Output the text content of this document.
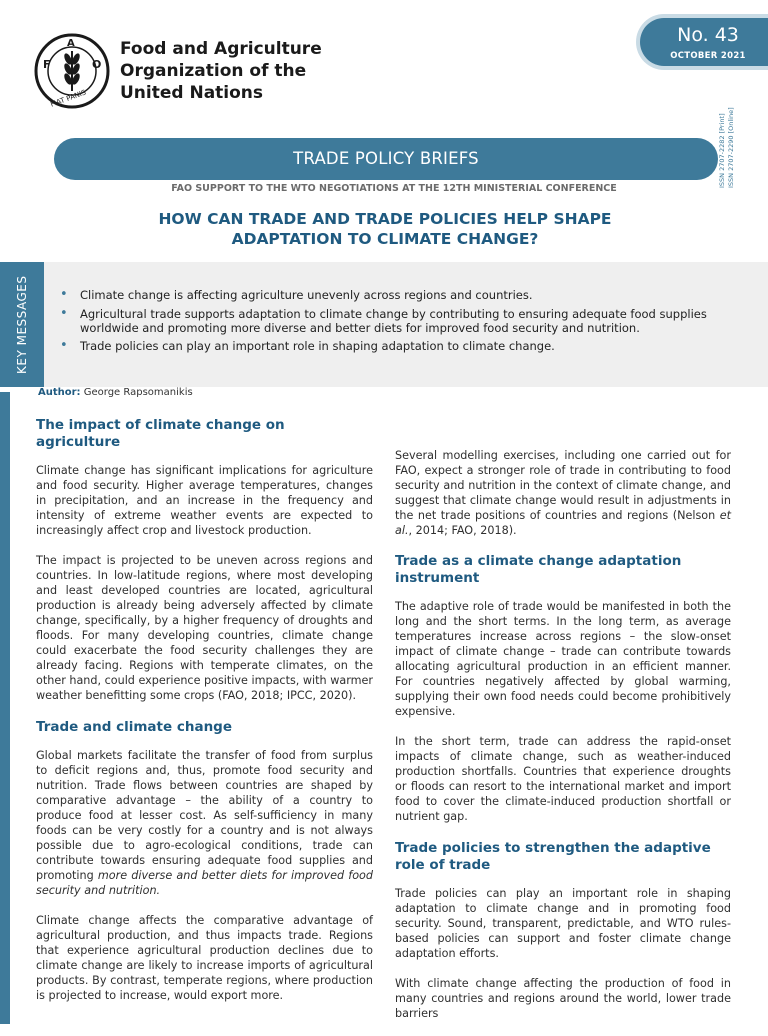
F
A
O
FIAT PANIS
Food and Agriculture
Organization of the
United Nations
No. 43
OCTOBER 2021
ISSN 2707-2282 [Print] ISSN 2707-2290 [Online]
TRADE POLICY BRIEFS
FAO SUPPORT TO THE WTO NEGOTIATIONS AT THE 12TH MINISTERIAL CONFERENCE
HOW CAN TRADE AND TRADE POLICIES HELP SHAPE
ADAPTATION TO CLIMATE CHANGE?
KEY MESSAGES
•	Climate change is affecting agriculture unevenly across regions and countries.
• Agricultural trade supports adaptation to climate change by contributing to ensuring adequate food supplies worldwide and promoting more diverse and better diets for improved food security and nutrition.
• Trade policies can play an important role in shaping adaptation to climate change.
Author: George Rapsomanikis
The impact of climate change on agriculture

Climate change has significant implications for agriculture and food security. Higher average temperatures, changes in precipitation, and an increase in the frequency and intensity of extreme weather events are expected to increasingly affect crop and livestock production.

The impact is projected to be uneven across regions and countries. In low-latitude regions, where most developing and least developed countries are located, agricultural production is already being adversely affected by climate change, specifically, by a higher frequency of droughts and floods. For many developing countries, climate change could exacerbate the food security challenges they are already facing. Regions with temperate climates, on the other hand, could experience positive impacts, with warmer weather benefitting some crops (FAO, 2018; IPCC, 2020).

Trade and climate change

Global markets facilitate the transfer of food from surplus to deficit regions and, thus, promote food security and nutrition. Trade flows between countries are shaped by comparative advantage – the ability of a country to produce food at lesser cost. As self-sufficiency in many foods can be very costly for a country and is not always possible due to agro-ecological conditions, trade can contribute towards ensuring adequate food supplies and promoting more diverse and better diets for improved food security and nutrition.

Climate change affects the comparative advantage of agricultural production, and thus impacts trade. Regions that experience agricultural production declines due to climate change are likely to increase imports of agricultural products. By contrast, temperate regions, where production is projected to increase, would export more.

Several modelling exercises, including one carried out for FAO, expect a stronger role of trade in contributing to food security and nutrition in the context of climate change, and suggest that climate change would result in adjustments in the net trade positions of countries and regions (Nelson et al., 2014; FAO, 2018).

Trade as a climate change adaptation instrument

The adaptive role of trade would be manifested in both the long and the short terms. In the long term, as average temperatures increase across regions – the slow-onset impact of climate change – trade can contribute towards allocating agricultural production in an efficient manner. For countries negatively affected by global warming, supplying their own food needs could become prohibitively expensive.

In the short term, trade can address the rapid-onset impacts of climate change, such as weather-induced production shortfalls. Countries that experience droughts or floods can resort to the international market and import food to cover the climate-induced production shortfall or nutrient gap.

Trade policies to strengthen the adaptive role of trade

Trade policies can play an important role in shaping adaptation to climate change and in promoting food security. Sound, transparent, predictable, and WTO rules-based policies can support and foster climate change adaptation efforts.

With climate change affecting the production of food in many countries and regions around the world, lower trade barriers
